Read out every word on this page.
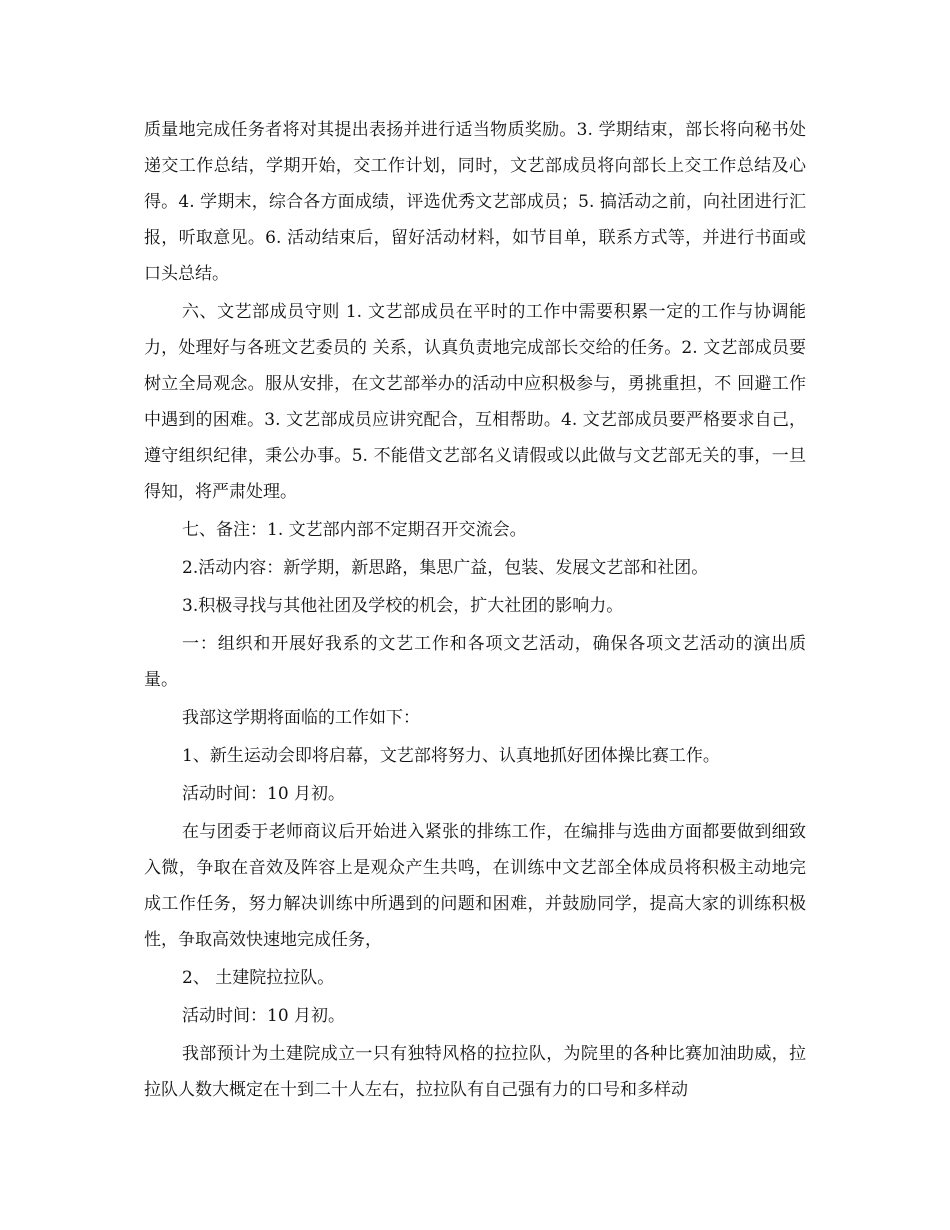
质量地完成任务者将对其提出表扬并进行适当物质奖励。3. 学期结束，部长将向秘书处递交工作总结，学期开始，交工作计划，同时，文艺部成员将向部长上交工作总结及心得。4. 学期末，综合各方面成绩，评选优秀文艺部成员；5. 搞活动之前，向社团进行汇报，听取意见。6. 活动结束后，留好活动材料，如节目单，联系方式等，并进行书面或口头总结。

六、文艺部成员守则 1. 文艺部成员在平时的工作中需要积累一定的工作与协调能力，处理好与各班文艺委员的 关系，认真负责地完成部长交给的任务。2. 文艺部成员要树立全局观念。服从安排，在文艺部举办的活动中应积极参与，勇挑重担，不 回避工作中遇到的困难。3. 文艺部成员应讲究配合，互相帮助。4. 文艺部成员要严格要求自己，遵守组织纪律，秉公办事。5. 不能借文艺部名义请假或以此做与文艺部无关的事，一旦得知，将严肃处理。

七、备注：1. 文艺部内部不定期召开交流会。

2.活动内容：新学期，新思路，集思广益，包装、发展文艺部和社团。

3.积极寻找与其他社团及学校的机会，扩大社团的影响力。

一：组织和开展好我系的文艺工作和各项文艺活动，确保各项文艺活动的演出质量。

我部这学期将面临的工作如下：

1、新生运动会即将启幕，文艺部将努力、认真地抓好团体操比赛工作。

活动时间：10 月初。

在与团委于老师商议后开始进入紧张的排练工作，在编排与选曲方面都要做到细致入微，争取在音效及阵容上是观众产生共鸣，在训练中文艺部全体成员将积极主动地完成工作任务，努力解决训练中所遇到的问题和困难，并鼓励同学，提高大家的训练积极性，争取高效快速地完成任务，

2、 土建院拉拉队。

活动时间：10 月初。

我部预计为土建院成立一只有独特风格的拉拉队，为院里的各种比赛加油助威，拉拉队人数大概定在十到二十人左右，拉拉队有自己强有力的口号和多样动
